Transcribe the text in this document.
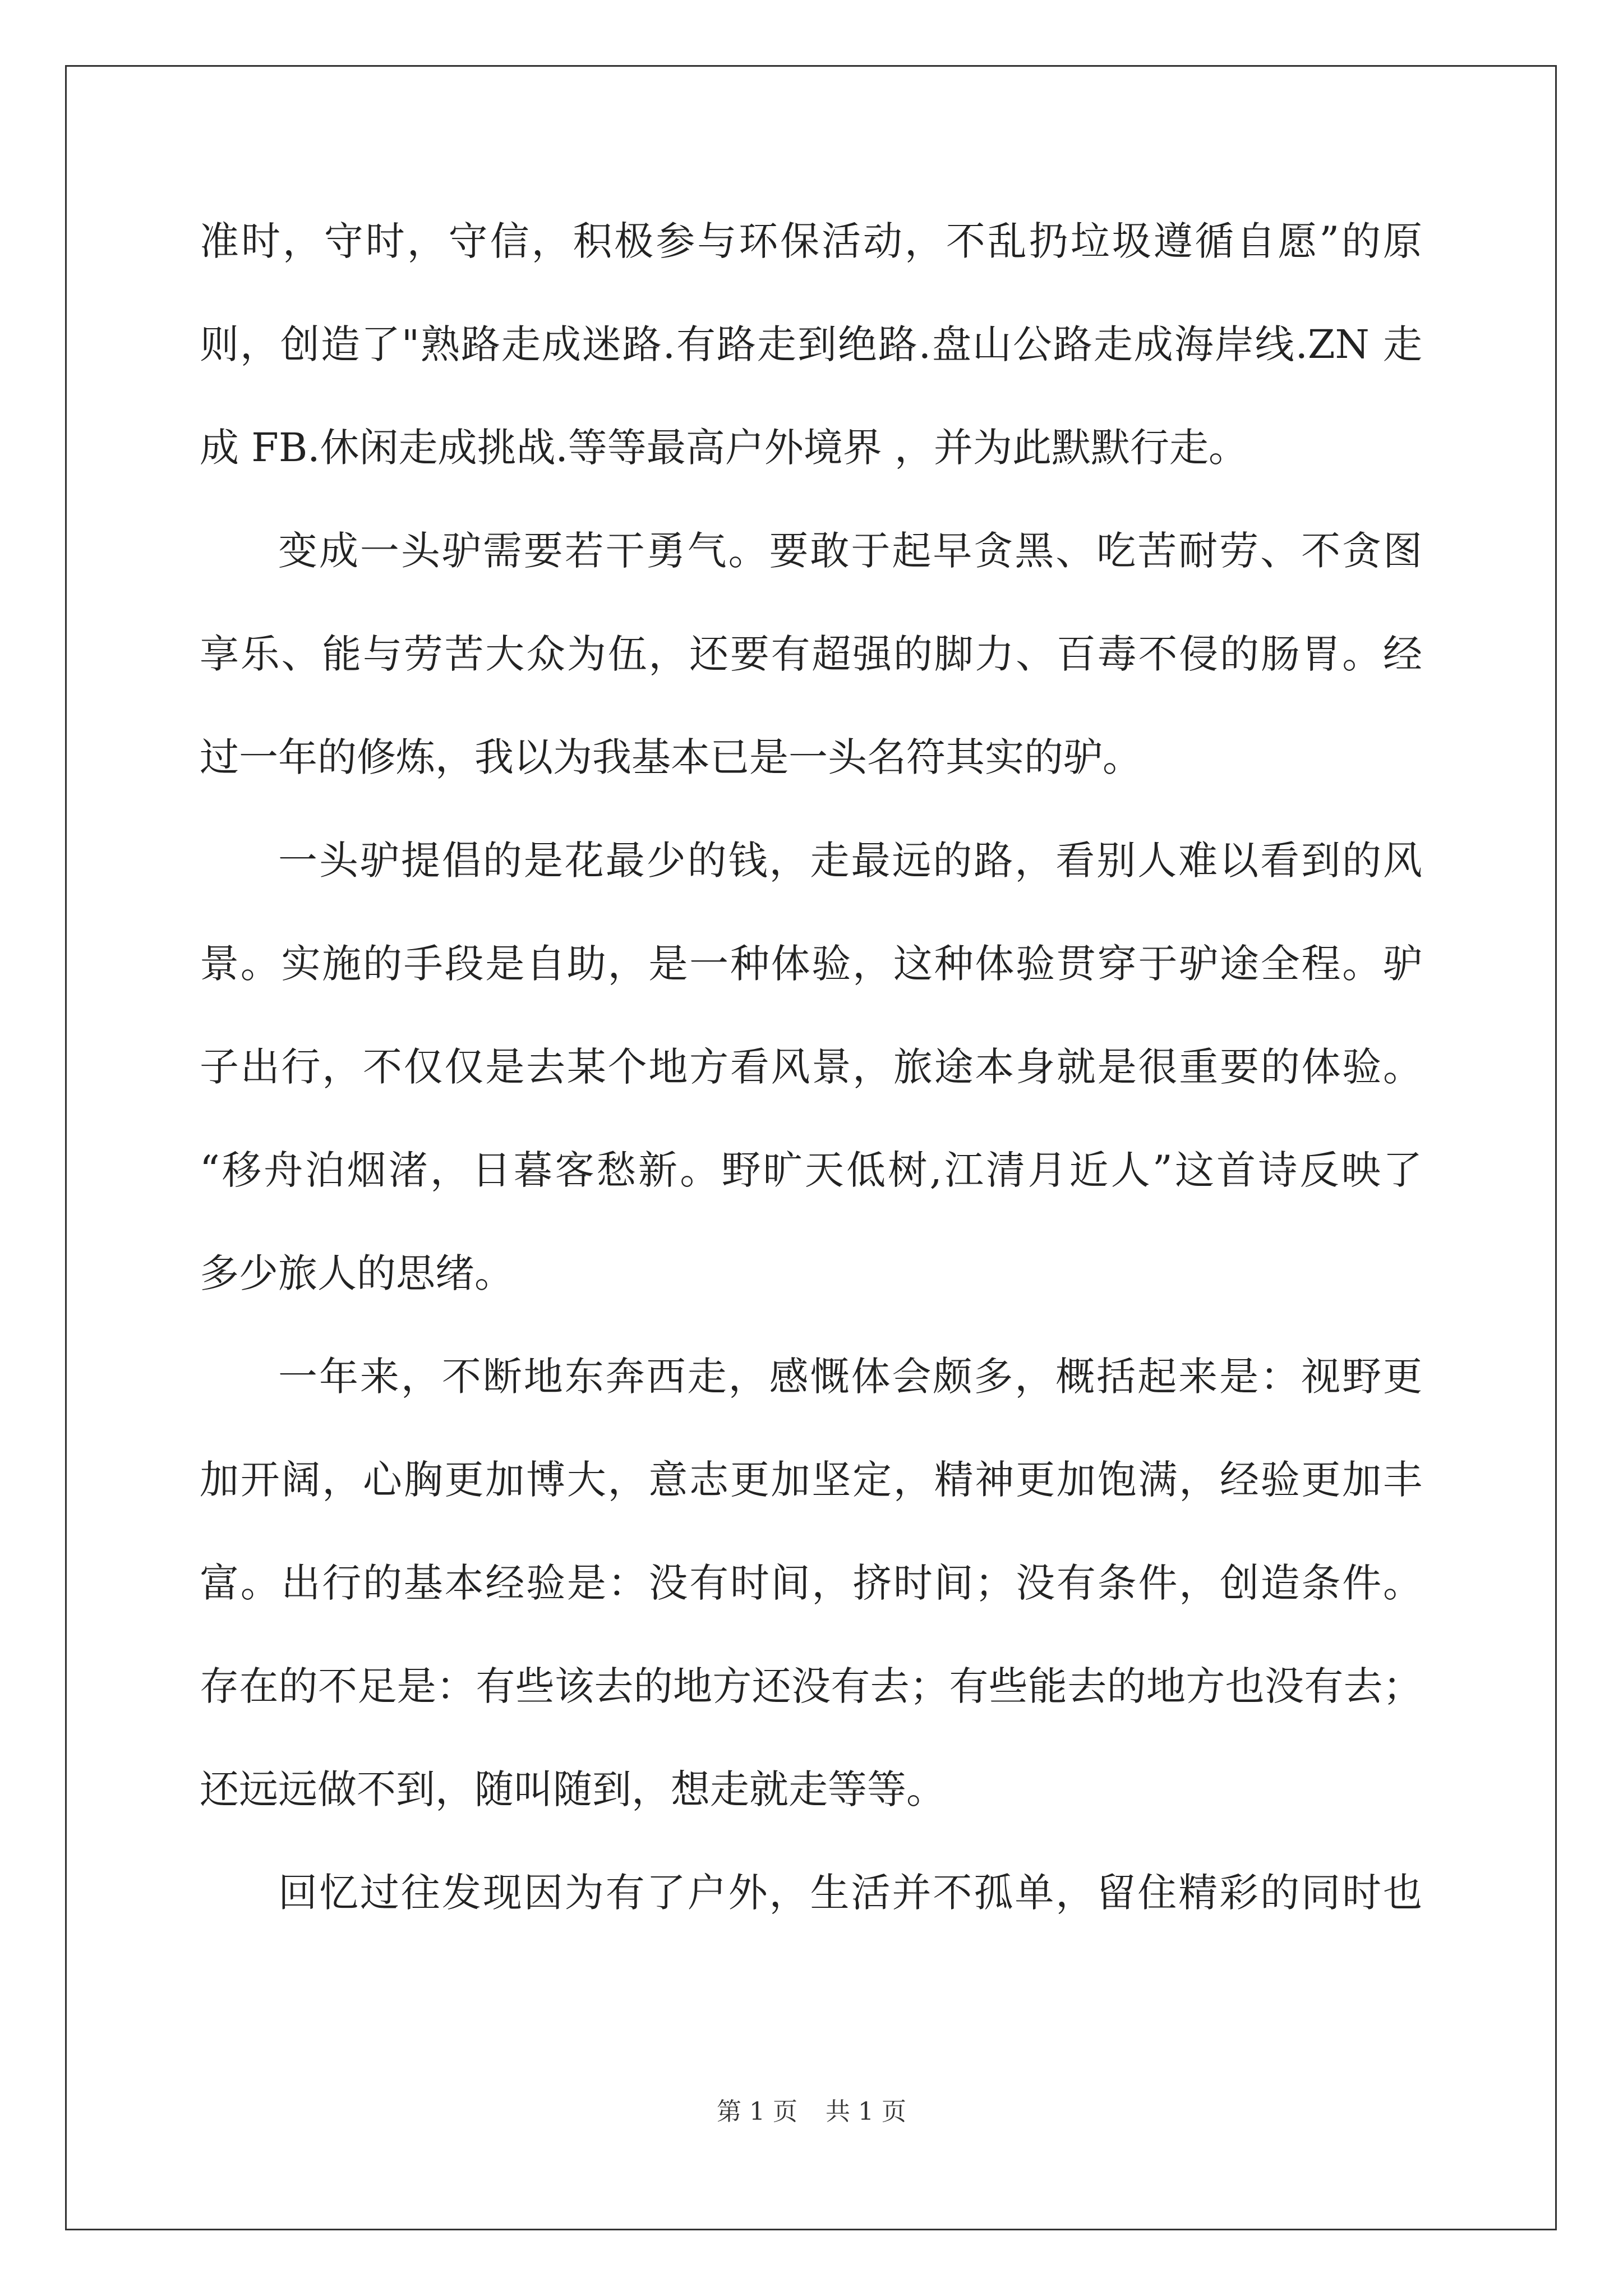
准时，守时，守信，积极参与环保活动，不乱扔垃圾遵循自愿”的原
则，创造了"熟路走成迷路.有路走到绝路.盘山公路走成海岸线.ZN 走
成 FB.休闲走成挑战.等等最高户外境界 ，并为此默默行走。
变成一头驴需要若干勇气。要敢于起早贪黑、吃苦耐劳、不贪图
享乐、能与劳苦大众为伍，还要有超强的脚力、百毒不侵的肠胃。经
过一年的修炼，我以为我基本已是一头名符其实的驴。
一头驴提倡的是花最少的钱，走最远的路，看别人难以看到的风
景。实施的手段是自助，是一种体验，这种体验贯穿于驴途全程。驴
子出行，不仅仅是去某个地方看风景，旅途本身就是很重要的体验。
“移舟泊烟渚，日暮客愁新。野旷天低树,江清月近人”这首诗反映了
多少旅人的思绪。
一年来，不断地东奔西走，感慨体会颇多，概括起来是：视野更
加开阔，心胸更加博大，意志更加坚定，精神更加饱满，经验更加丰
富。出行的基本经验是：没有时间，挤时间；没有条件，创造条件。
存在的不足是：有些该去的地方还没有去；有些能去的地方也没有去；
还远远做不到，随叫随到，想走就走等等。
回忆过往发现因为有了户外，生活并不孤单，留住精彩的同时也
第 1 页 共 1 页
